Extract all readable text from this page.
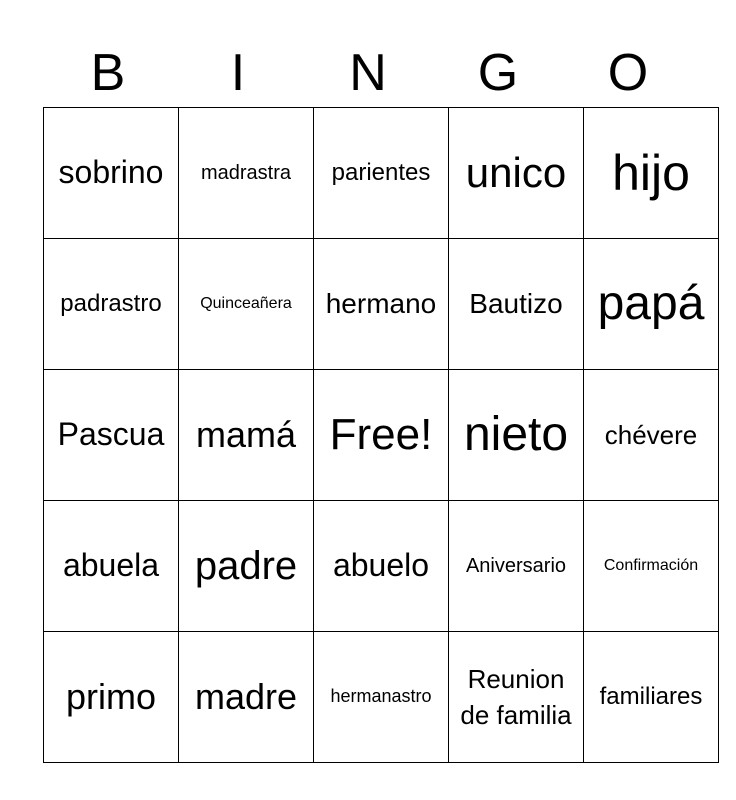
B	I	N	G	O
sobrino	madrastra	parientes	unico	hijo
padrastro	Quinceañera	hermano	Bautizo	papá
Pascua	mamá	Free!	nieto	chévere
abuela	padre	abuelo	Aniversario	Confirmación
primo	madre	hermanastro	Reunion de familia	familiares
